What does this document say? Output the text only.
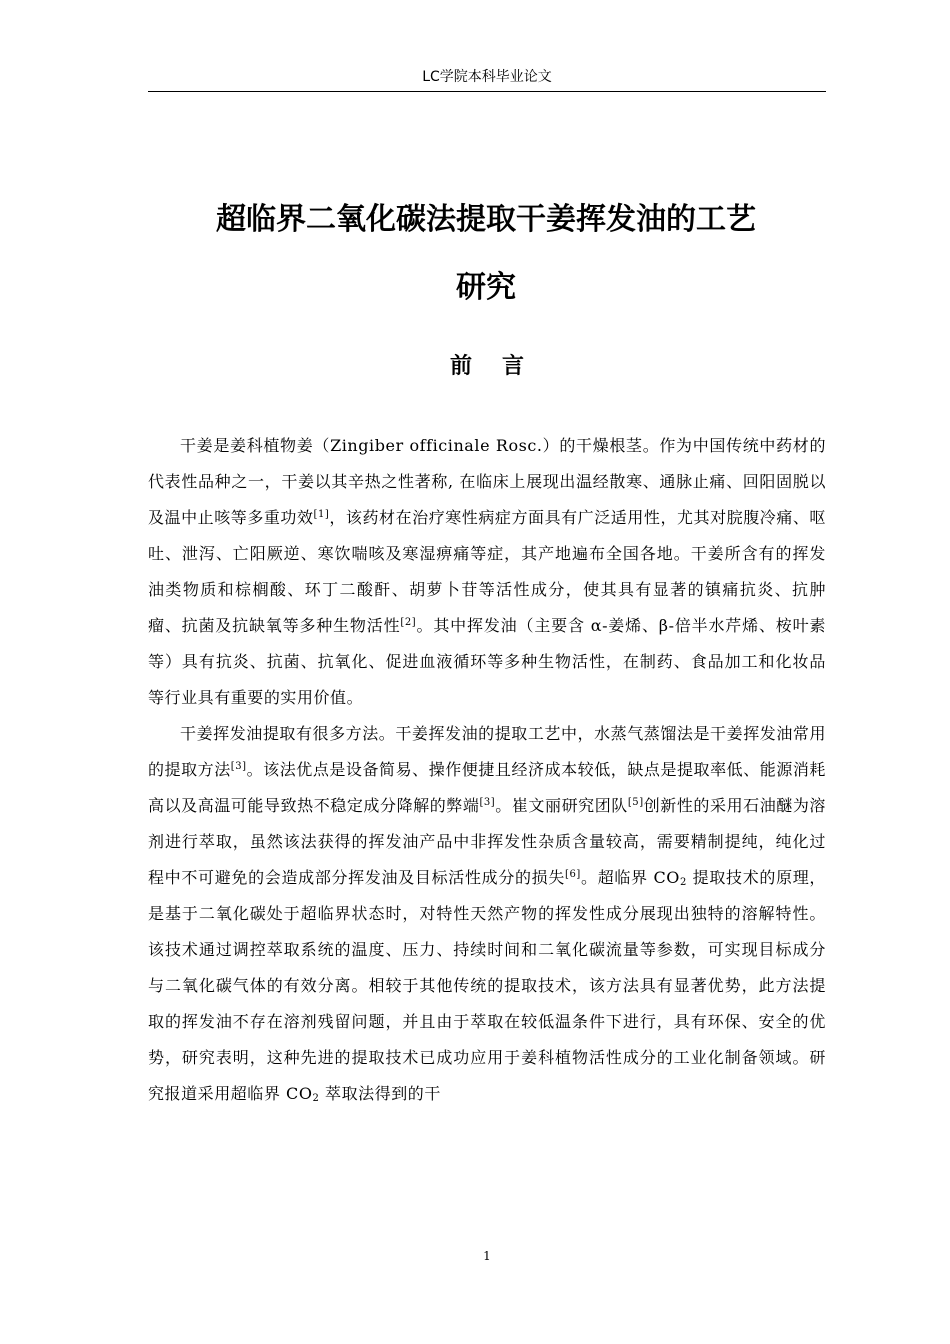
LC学院本科毕业论文
超临界二氧化碳法提取干姜挥发油的工艺
研究
前言

干姜是姜科植物姜（Zingiber officinale Rosc.）的干燥根茎。作为中国传统中药材的代表性品种之一，干姜以其辛热之性著称, 在临床上展现出温经散寒、通脉止痛、回阳固脱以及温中止咳等多重功效[1]，该药材在治疗寒性病症方面具有广泛适用性，尤其对脘腹冷痛、呕吐、泄泻、亡阳厥逆、寒饮喘咳及寒湿痹痛等症，其产地遍布全国各地。干姜所含有的挥发油类物质和棕榈酸、环丁二酸酐、胡萝卜苷等活性成分，使其具有显著的镇痛抗炎、抗肿瘤、抗菌及抗缺氧等多种生物活性[2]。其中挥发油（主要含 α-姜烯、β-倍半水芹烯、桉叶素等）具有抗炎、抗菌、抗氧化、促进血液循环等多种生物活性，在制药、食品加工和化妆品等行业具有重要的实用价值。

干姜挥发油提取有很多方法。干姜挥发油的提取工艺中，水蒸气蒸馏法是干姜挥发油常用的提取方法[3]。该法优点是设备简易、操作便捷且经济成本较低，缺点是提取率低、能源消耗高以及高温可能导致热不稳定成分降解的弊端[3]。崔文丽研究团队[5]创新性的采用石油醚为溶剂进行萃取，虽然该法获得的挥发油产品中非挥发性杂质含量较高，需要精制提纯，纯化过程中不可避免的会造成部分挥发油及目标活性成分的损失[6]。超临界 $CO_2$ 提取技术的原理，是基于二氧化碳处于超临界状态时，对特性天然产物的挥发性成分展现出独特的溶解特性。该技术通过调控萃取系统的温度、压力、持续时间和二氧化碳流量等参数，可实现目标成分与二氧化碳气体的有效分离。相较于其他传统的提取技术，该方法具有显著优势，此方法提取的挥发油不存在溶剂残留问题，并且由于萃取在较低温条件下进行，具有环保、安全的优势，研究表明，这种先进的提取技术已成功应用于姜科植物活性成分的工业化制备领域。研究报道采用超临界 $CO_2$ 萃取法得到的干

1
